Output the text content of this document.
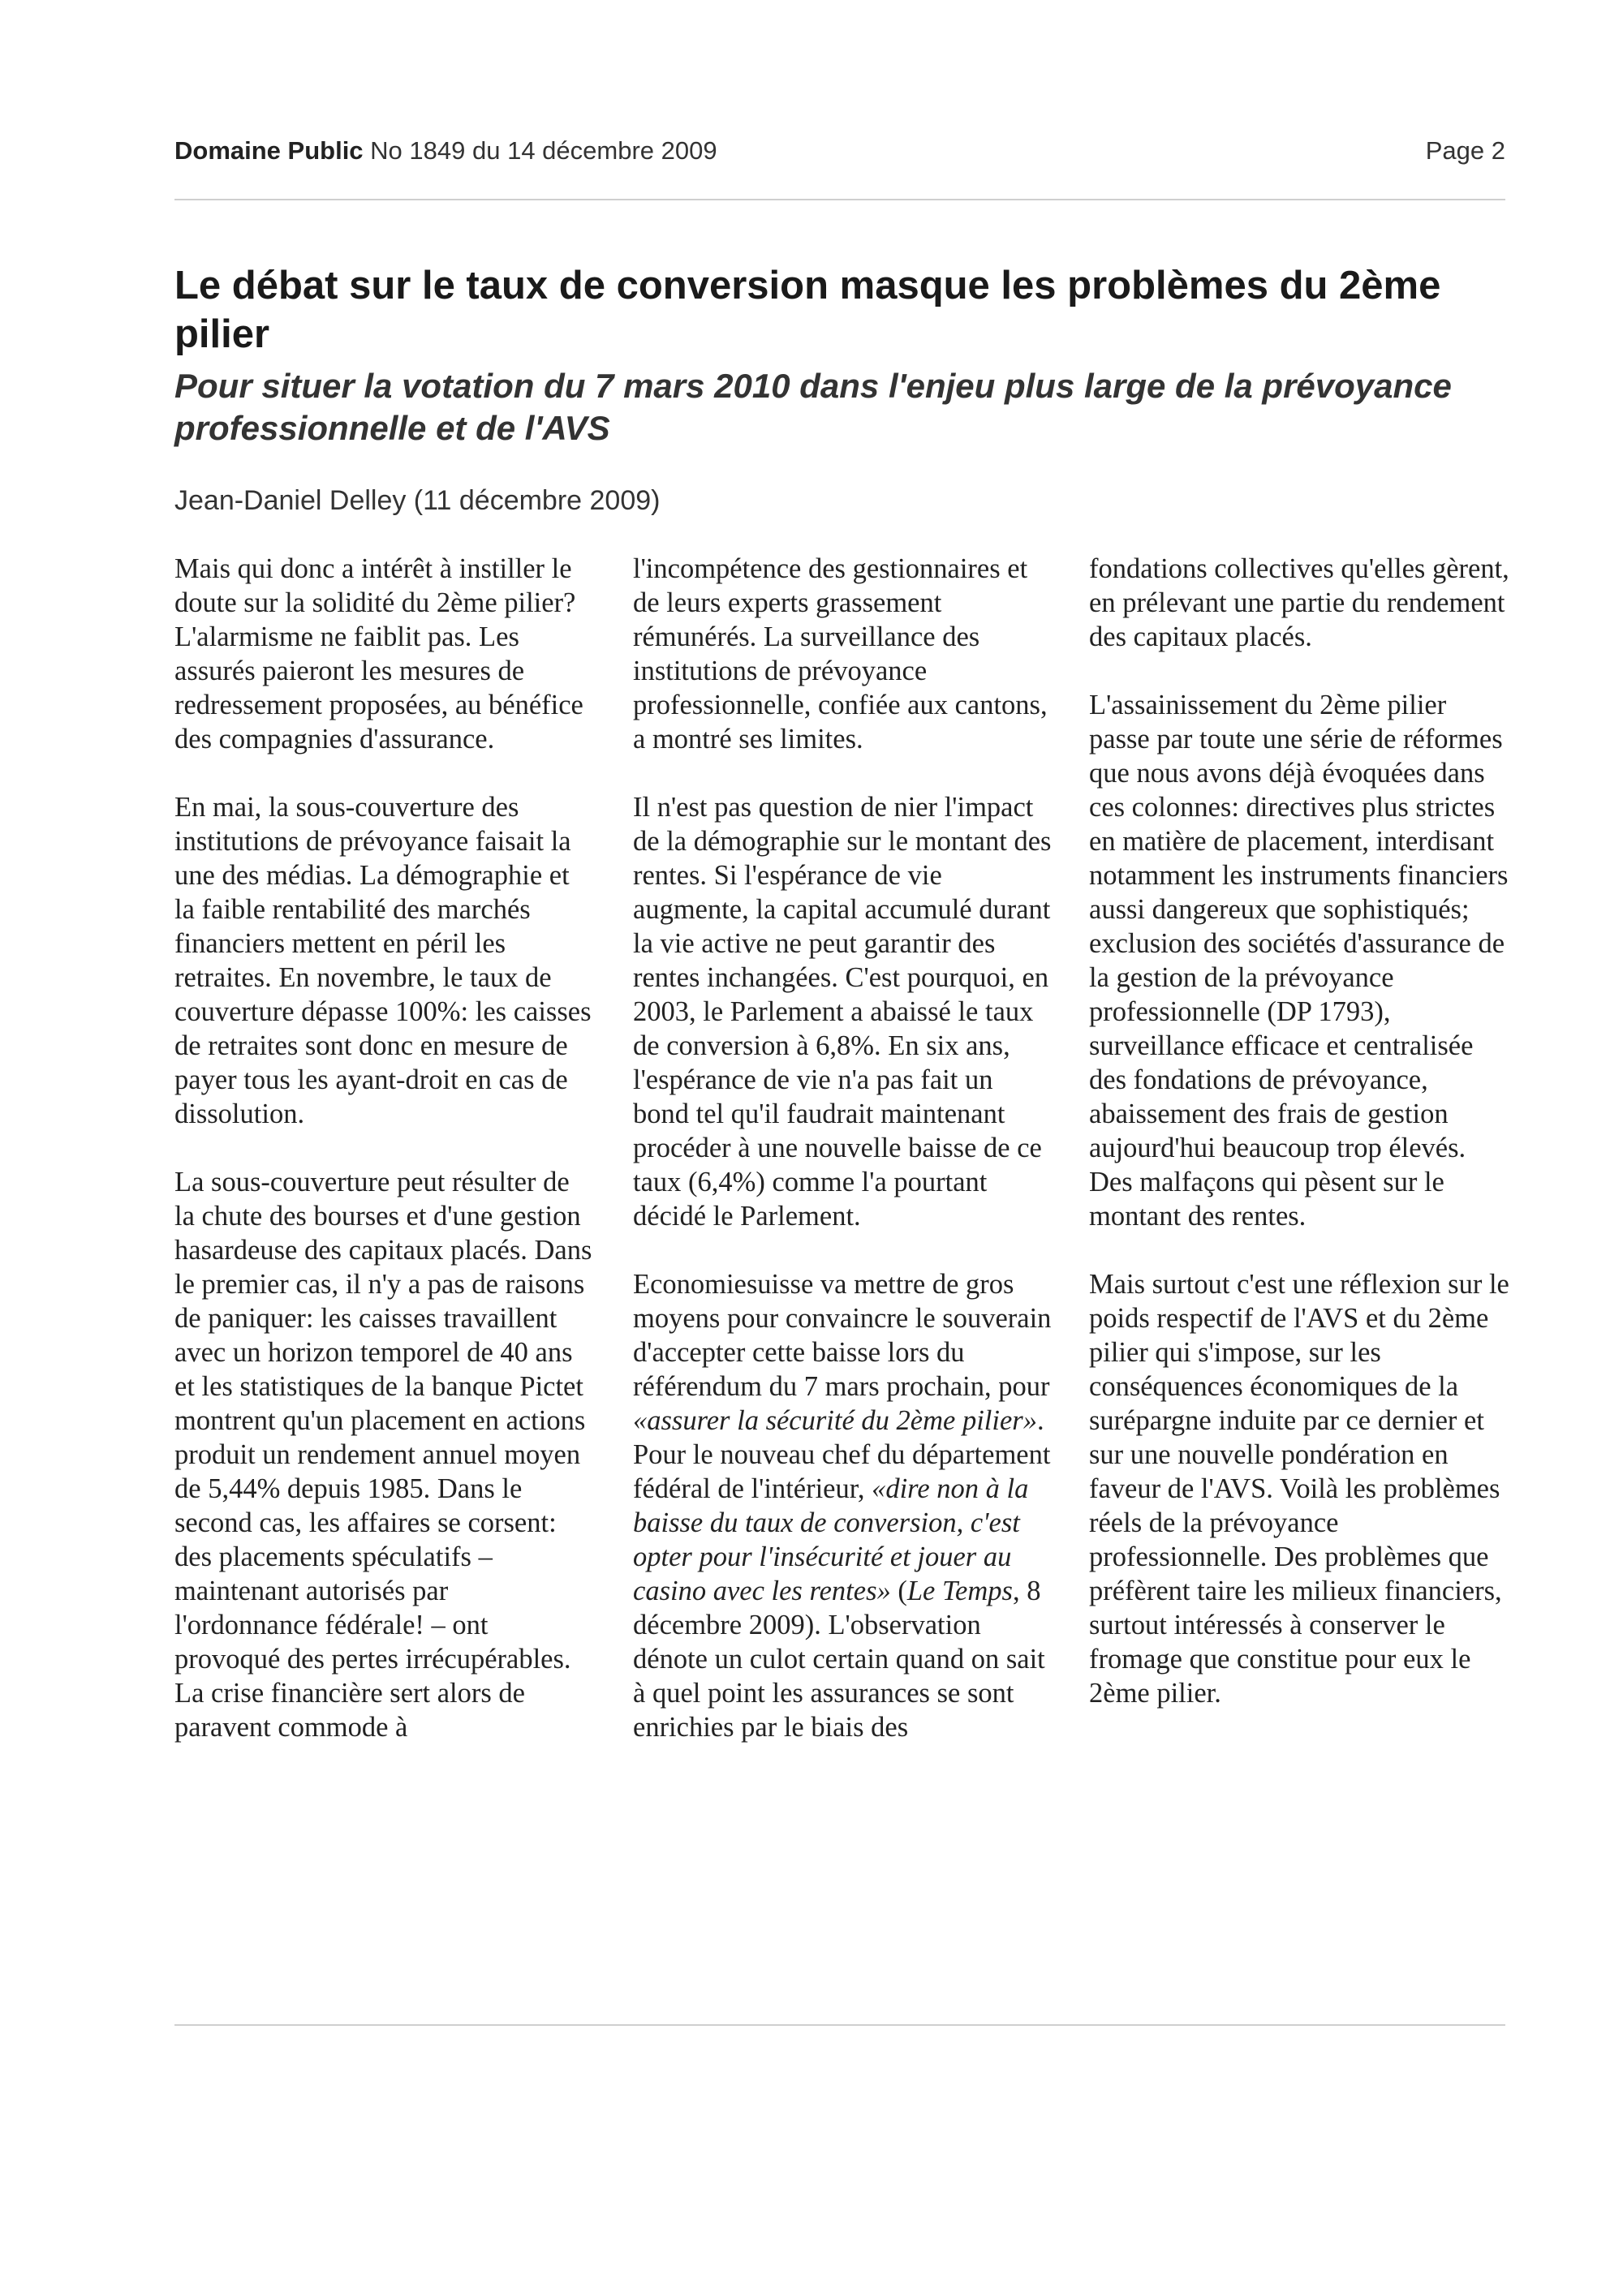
Domaine Public No 1849 du 14 décembre 2009	Page 2
Le débat sur le taux de conversion masque les problèmes du 2ème pilier
Pour situer la votation du 7 mars 2010 dans l'enjeu plus large de la prévoyance professionnelle et de l'AVS
Jean-Daniel Delley (11 décembre 2009)

Mais qui donc a intérêt à instiller le doute sur la solidité du 2ème pilier? L'alarmisme ne faiblit pas. Les assurés paieront les mesures de redressement proposées, au bénéfice des compagnies d'assurance.

En mai, la sous-couverture des institutions de prévoyance faisait la une des médias. La démographie et la faible rentabilité des marchés financiers mettent en péril les retraites. En novembre, le taux de couverture dépasse 100%: les caisses de retraites sont donc en mesure de payer tous les ayant-droit en cas de dissolution.

La sous-couverture peut résulter de la chute des bourses et d'une gestion hasardeuse des capitaux placés. Dans le premier cas, il n'y a pas de raisons de paniquer: les caisses travaillent avec un horizon temporel de 40 ans et les statistiques de la banque Pictet montrent qu'un placement en actions produit un rendement annuel moyen de 5,44% depuis 1985. Dans le second cas, les affaires se corsent: des placements spéculatifs – maintenant autorisés par l'ordonnance fédérale! – ont provoqué des pertes irrécupérables. La crise financière sert alors de paravent commode à

l'incompétence des gestionnaires et de leurs experts grassement rémunérés. La surveillance des institutions de prévoyance professionnelle, confiée aux cantons, a montré ses limites.

Il n'est pas question de nier l'impact de la démographie sur le montant des rentes. Si l'espérance de vie augmente, la capital accumulé durant la vie active ne peut garantir des rentes inchangées. C'est pourquoi, en 2003, le Parlement a abaissé le taux de conversion à 6,8%. En six ans, l'espérance de vie n'a pas fait un bond tel qu'il faudrait maintenant procéder à une nouvelle baisse de ce taux (6,4%) comme l'a pourtant décidé le Parlement.

Economiesuisse va mettre de gros moyens pour convaincre le souverain d'accepter cette baisse lors du référendum du 7 mars prochain, pour «assurer la sécurité du 2ème pilier». Pour le nouveau chef du département fédéral de l'intérieur, «dire non à la baisse du taux de conversion, c'est opter pour l'insécurité et jouer au casino avec les rentes» (Le Temps, 8 décembre 2009). L'observation dénote un culot certain quand on sait à quel point les assurances se sont enrichies par le biais des

fondations collectives qu'elles gèrent, en prélevant une partie du rendement des capitaux placés.

L'assainissement du 2ème pilier passe par toute une série de réformes que nous avons déjà évoquées dans ces colonnes: directives plus strictes en matière de placement, interdisant notamment les instruments financiers aussi dangereux que sophistiqués; exclusion des sociétés d'assurance de la gestion de la prévoyance professionnelle (DP 1793), surveillance efficace et centralisée des fondations de prévoyance, abaissement des frais de gestion aujourd'hui beaucoup trop élevés. Des malfaçons qui pèsent sur le montant des rentes.

Mais surtout c'est une réflexion sur le poids respectif de l'AVS et du 2ème pilier qui s'impose, sur les conséquences économiques de la surépargne induite par ce dernier et sur une nouvelle pondération en faveur de l'AVS. Voilà les problèmes réels de la prévoyance professionnelle. Des problèmes que préfèrent taire les milieux financiers, surtout intéressés à conserver le fromage que constitue pour eux le 2ème pilier.
